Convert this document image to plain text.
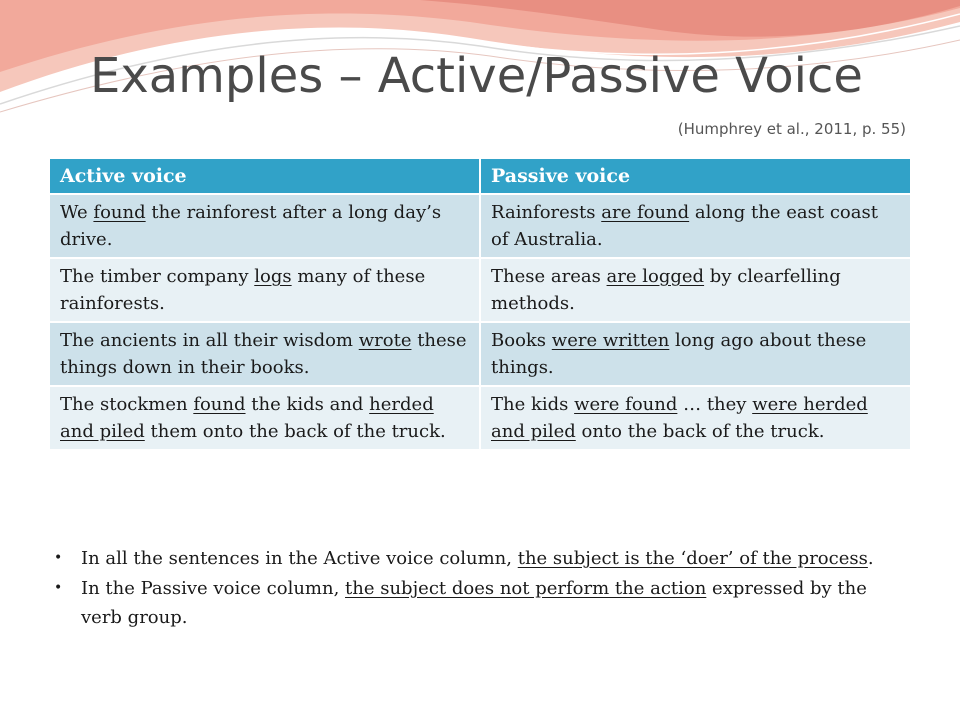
Examples – Active/Passive Voice
(Humphrey et al., 2011, p. 55)
Active voice	Passive voice
We found the rainforest after a long day’s drive.	Rainforests are found along the east coast of Australia.
The timber company logs many of these rainforests.	These areas are logged by clearfelling methods.
The ancients in all their wisdom wrote these things down in their books.	Books were written long ago about these things.
The stockmen found the kids and herded and piled them onto the back of the truck.	The kids were found … they were herded and piled onto the back of the truck.
• In all the sentences in the Active voice column, the subject is the ‘doer’ of the process.
• In the Passive voice column, the subject does not perform the action expressed by the verb group.
